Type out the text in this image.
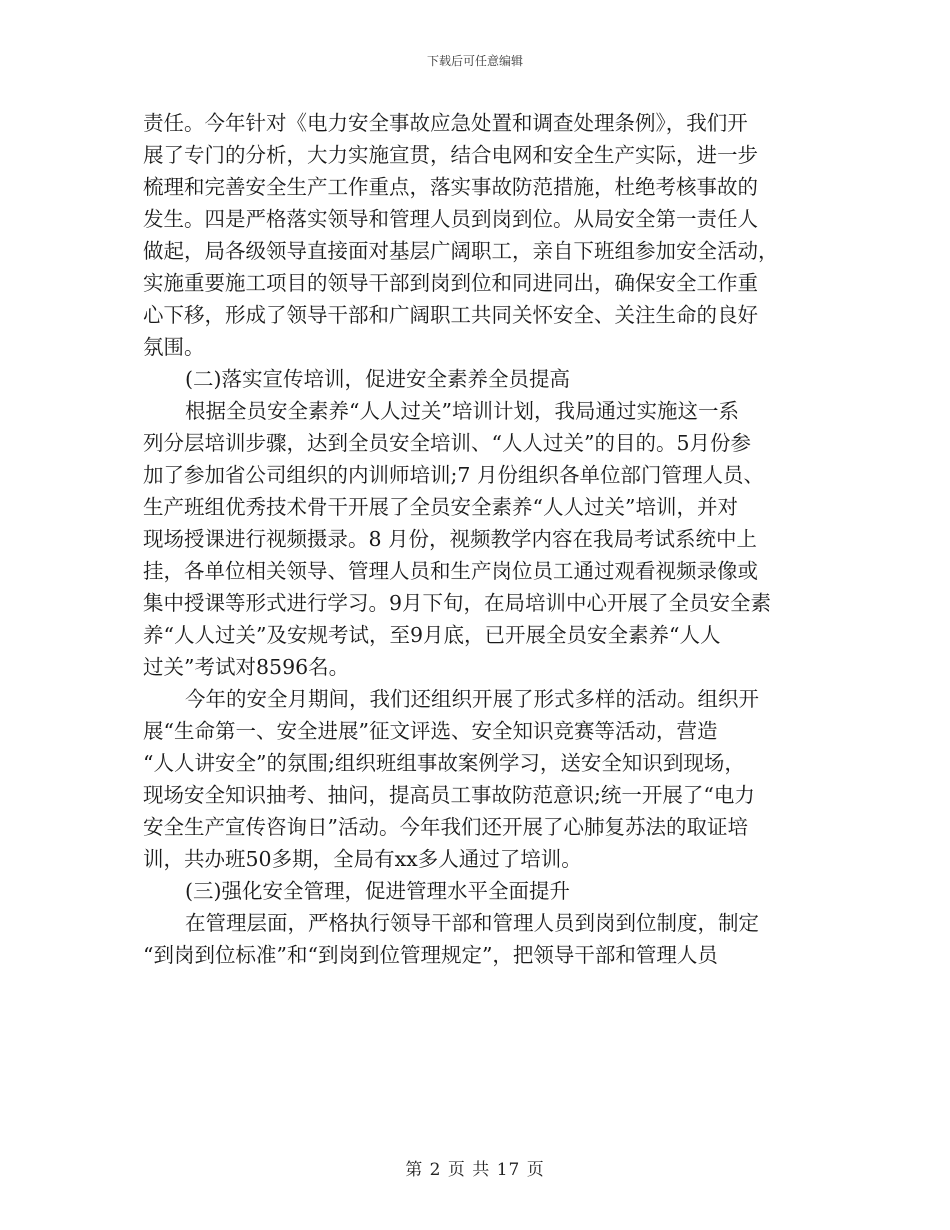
下载后可任意编辑
责任。今年针对《电力安全事故应急处置和调查处理条例》，我们开
展了专门的分析，大力实施宣贯，结合电网和安全生产实际，进一步
梳理和完善安全生产工作重点，落实事故防范措施，杜绝考核事故的
发生。四是严格落实领导和管理人员到岗到位。从局安全第一责任人
做起，局各级领导直接面对基层广阔职工，亲自下班组参加安全活动，
实施重要施工项目的领导干部到岗到位和同进同出，确保安全工作重
心下移，形成了领导干部和广阔职工共同关怀安全、关注生命的良好
氛围。
(二)落实宣传培训，促进安全素养全员提高
根据全员安全素养“人人过关”培训计划，我局通过实施这一系
列分层培训步骤，达到全员安全培训、“人人过关”的目的。5月份参
加了参加省公司组织的内训师培训;7 月份组织各单位部门管理人员、
生产班组优秀技术骨干开展了全员安全素养“人人过关”培训，并对
现场授课进行视频摄录。8 月份，视频教学内容在我局考试系统中上
挂，各单位相关领导、管理人员和生产岗位员工通过观看视频录像或
集中授课等形式进行学习。9月下旬，在局培训中心开展了全员安全素
养“人人过关”及安规考试，至9月底，已开展全员安全素养“人人
过关”考试对8596名。
今年的安全月期间，我们还组织开展了形式多样的活动。组织开
展“生命第一、安全进展”征文评选、安全知识竞赛等活动，营造
“人人讲安全”的氛围;组织班组事故案例学习，送安全知识到现场，
现场安全知识抽考、抽问，提高员工事故防范意识;统一开展了“电力
安全生产宣传咨询日”活动。今年我们还开展了心肺复苏法的取证培
训，共办班50多期，全局有xx多人通过了培训。
(三)强化安全管理，促进管理水平全面提升
在管理层面，严格执行领导干部和管理人员到岗到位制度，制定
“到岗到位标准”和“到岗到位管理规定”，把领导干部和管理人员
第 2 页 共 17 页
